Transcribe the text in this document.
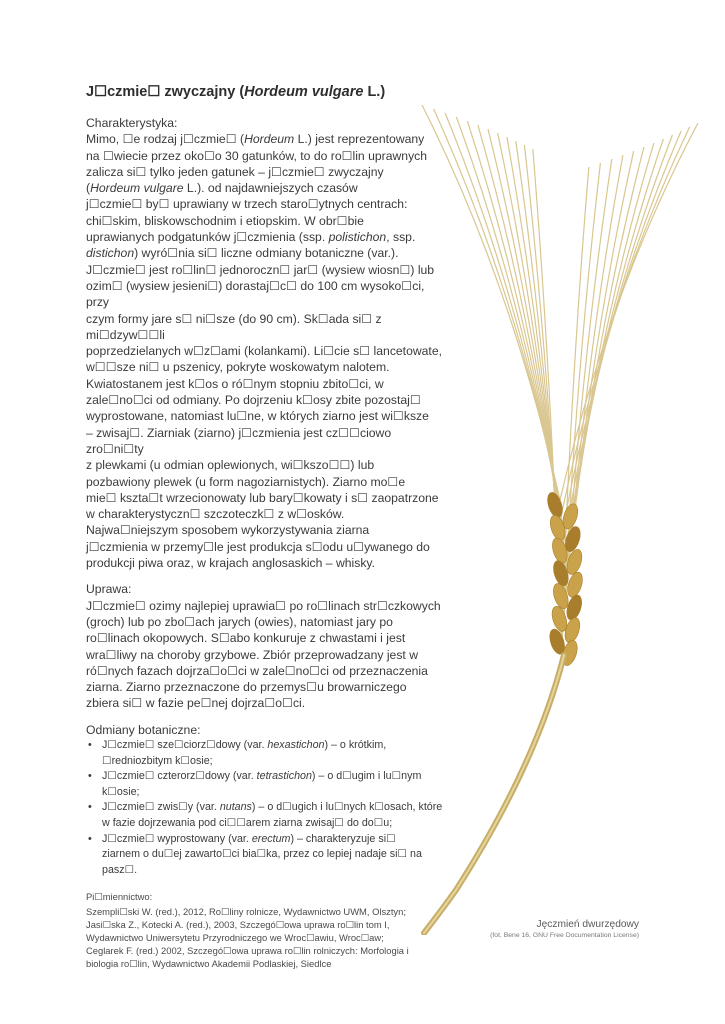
J☐czmie☐ zwyczajny (Hordeum vulgare L.)
Charakterystyka:
Mimo, ☐e rodzaj j☐czmie☐ (Hordeum L.) jest reprezentowany
na ☐wiecie przez oko☐o 30 gatunków, to do ro☐lin uprawnych
zalicza si☐ tylko jeden gatunek – j☐czmie☐ zwyczajny
(Hordeum vulgare L.). od najdawniejszych czasów
j☐czmie☐ by☐ uprawiany w trzech staro☐ytnych centrach:
chi☐skim, bliskowschodnim i etiopskim. W obr☐bie
uprawianych podgatunków j☐czmienia (ssp. polistichon, ssp.
distichon) wyró☐nia si☐ liczne odmiany botaniczne (var.).
J☐czmie☐ jest ro☐lin☐ jednoroczn☐ jar☐ (wysiew wiosn☐) lub
ozim☐ (wysiew jesieni☐) dorastaj☐c☐ do 100 cm wysoko☐ci, przy
czym formy jare s☐ ni☐sze (do 90 cm). Sk☐ada si☐ z mi☐dzyw☐☐li
poprzedzielanych w☐z☐ami (kolankami). Li☐cie s☐ lancetowate,
w☐☐sze ni☐ u pszenicy, pokryte woskowatym nalotem.
Kwiatostanem jest k☐os o ró☐nym stopniu zbito☐ci, w
zale☐no☐ci od odmiany. Po dojrzeniu k☐osy zbite pozostaj☐
wyprostowane, natomiast lu☐ne, w których ziarno jest wi☐ksze
– zwisaj☐. Ziarniak (ziarno) j☐czmienia jest cz☐☐ciowo zro☐ni☐ty
z plewkami (u odmian oplewionych, wi☐kszo☐☐) lub
pozbawiony plewek (u form nagoziarnistych). Ziarno mo☐e
mie☐ kszta☐t wrzecionowaty lub bary☐kowaty i s☐ zaopatrzone
w charakterystyczn☐ szczoteczk☐ z w☐osków.
Najwa☐niejszym sposobem wykorzystywania ziarna
j☐czmienia w przemy☐le jest produkcja s☐odu u☐ywanego do
produkcji piwa oraz, w krajach anglosaskich – whisky.
Uprawa:
J☐czmie☐ ozimy najlepiej uprawia☐ po ro☐linach str☐czkowych
(groch) lub po zbo☐ach jarych (owies), natomiast jary po
ro☐linach okopowych. S☐abo konkuruje z chwastami i jest
wra☐liwy na choroby grzybowe. Zbiór przeprowadzany jest w
ró☐nych fazach dojrza☐o☐ci w zale☐no☐ci od przeznaczenia
ziarna. Ziarno przeznaczone do przemys☐u browarniczego
zbiera si☐ w fazie pe☐nej dojrza☐o☐ci.
Odmiany botaniczne:
• J☐czmie☐ sze☐ciorz☐dowy (var. hexastichon) – o krótkim,
☐redniozbitym k☐osie;
• J☐czmie☐ czterorz☐dowy (var. tetrastichon) – o d☐ugim i lu☐nym
k☐osie;
• J☐czmie☐ zwis☐y (var. nutans) – o d☐ugich i lu☐nych k☐osach, które
w fazie dojrzewania pod ci☐☐arem ziarna zwisaj☐ do do☐u;
• J☐czmie☐ wyprostowany (var. erectum) – charakteryzuje si☐
ziarnem o du☐ej zawarto☐ci bia☐ka, przez co lepiej nadaje si☐ na
pasz☐.
Pi☐miennictwo:
Szempli☐ski W. (red.), 2012, Ro☐liny rolnicze, Wydawnictwo UWM, Olsztyn;
Jasi☐ska Z., Kotecki A. (red.), 2003, Szczegó☐owa uprawa ro☐lin tom I,
Wydawnictwo Uniwersytetu Przyrodniczego we Wroc☐awiu, Wroc☐aw;
Ceglarek F. (red.) 2002, Szczegó☐owa uprawa ro☐lin rolniczych: Morfologia i
biologia ro☐lin, Wydawnictwo Akademii Podlaskiej, Siedlce
Jęczmień dwurzędowy
(fot. Bene 16, GNU Free Documentation License)
